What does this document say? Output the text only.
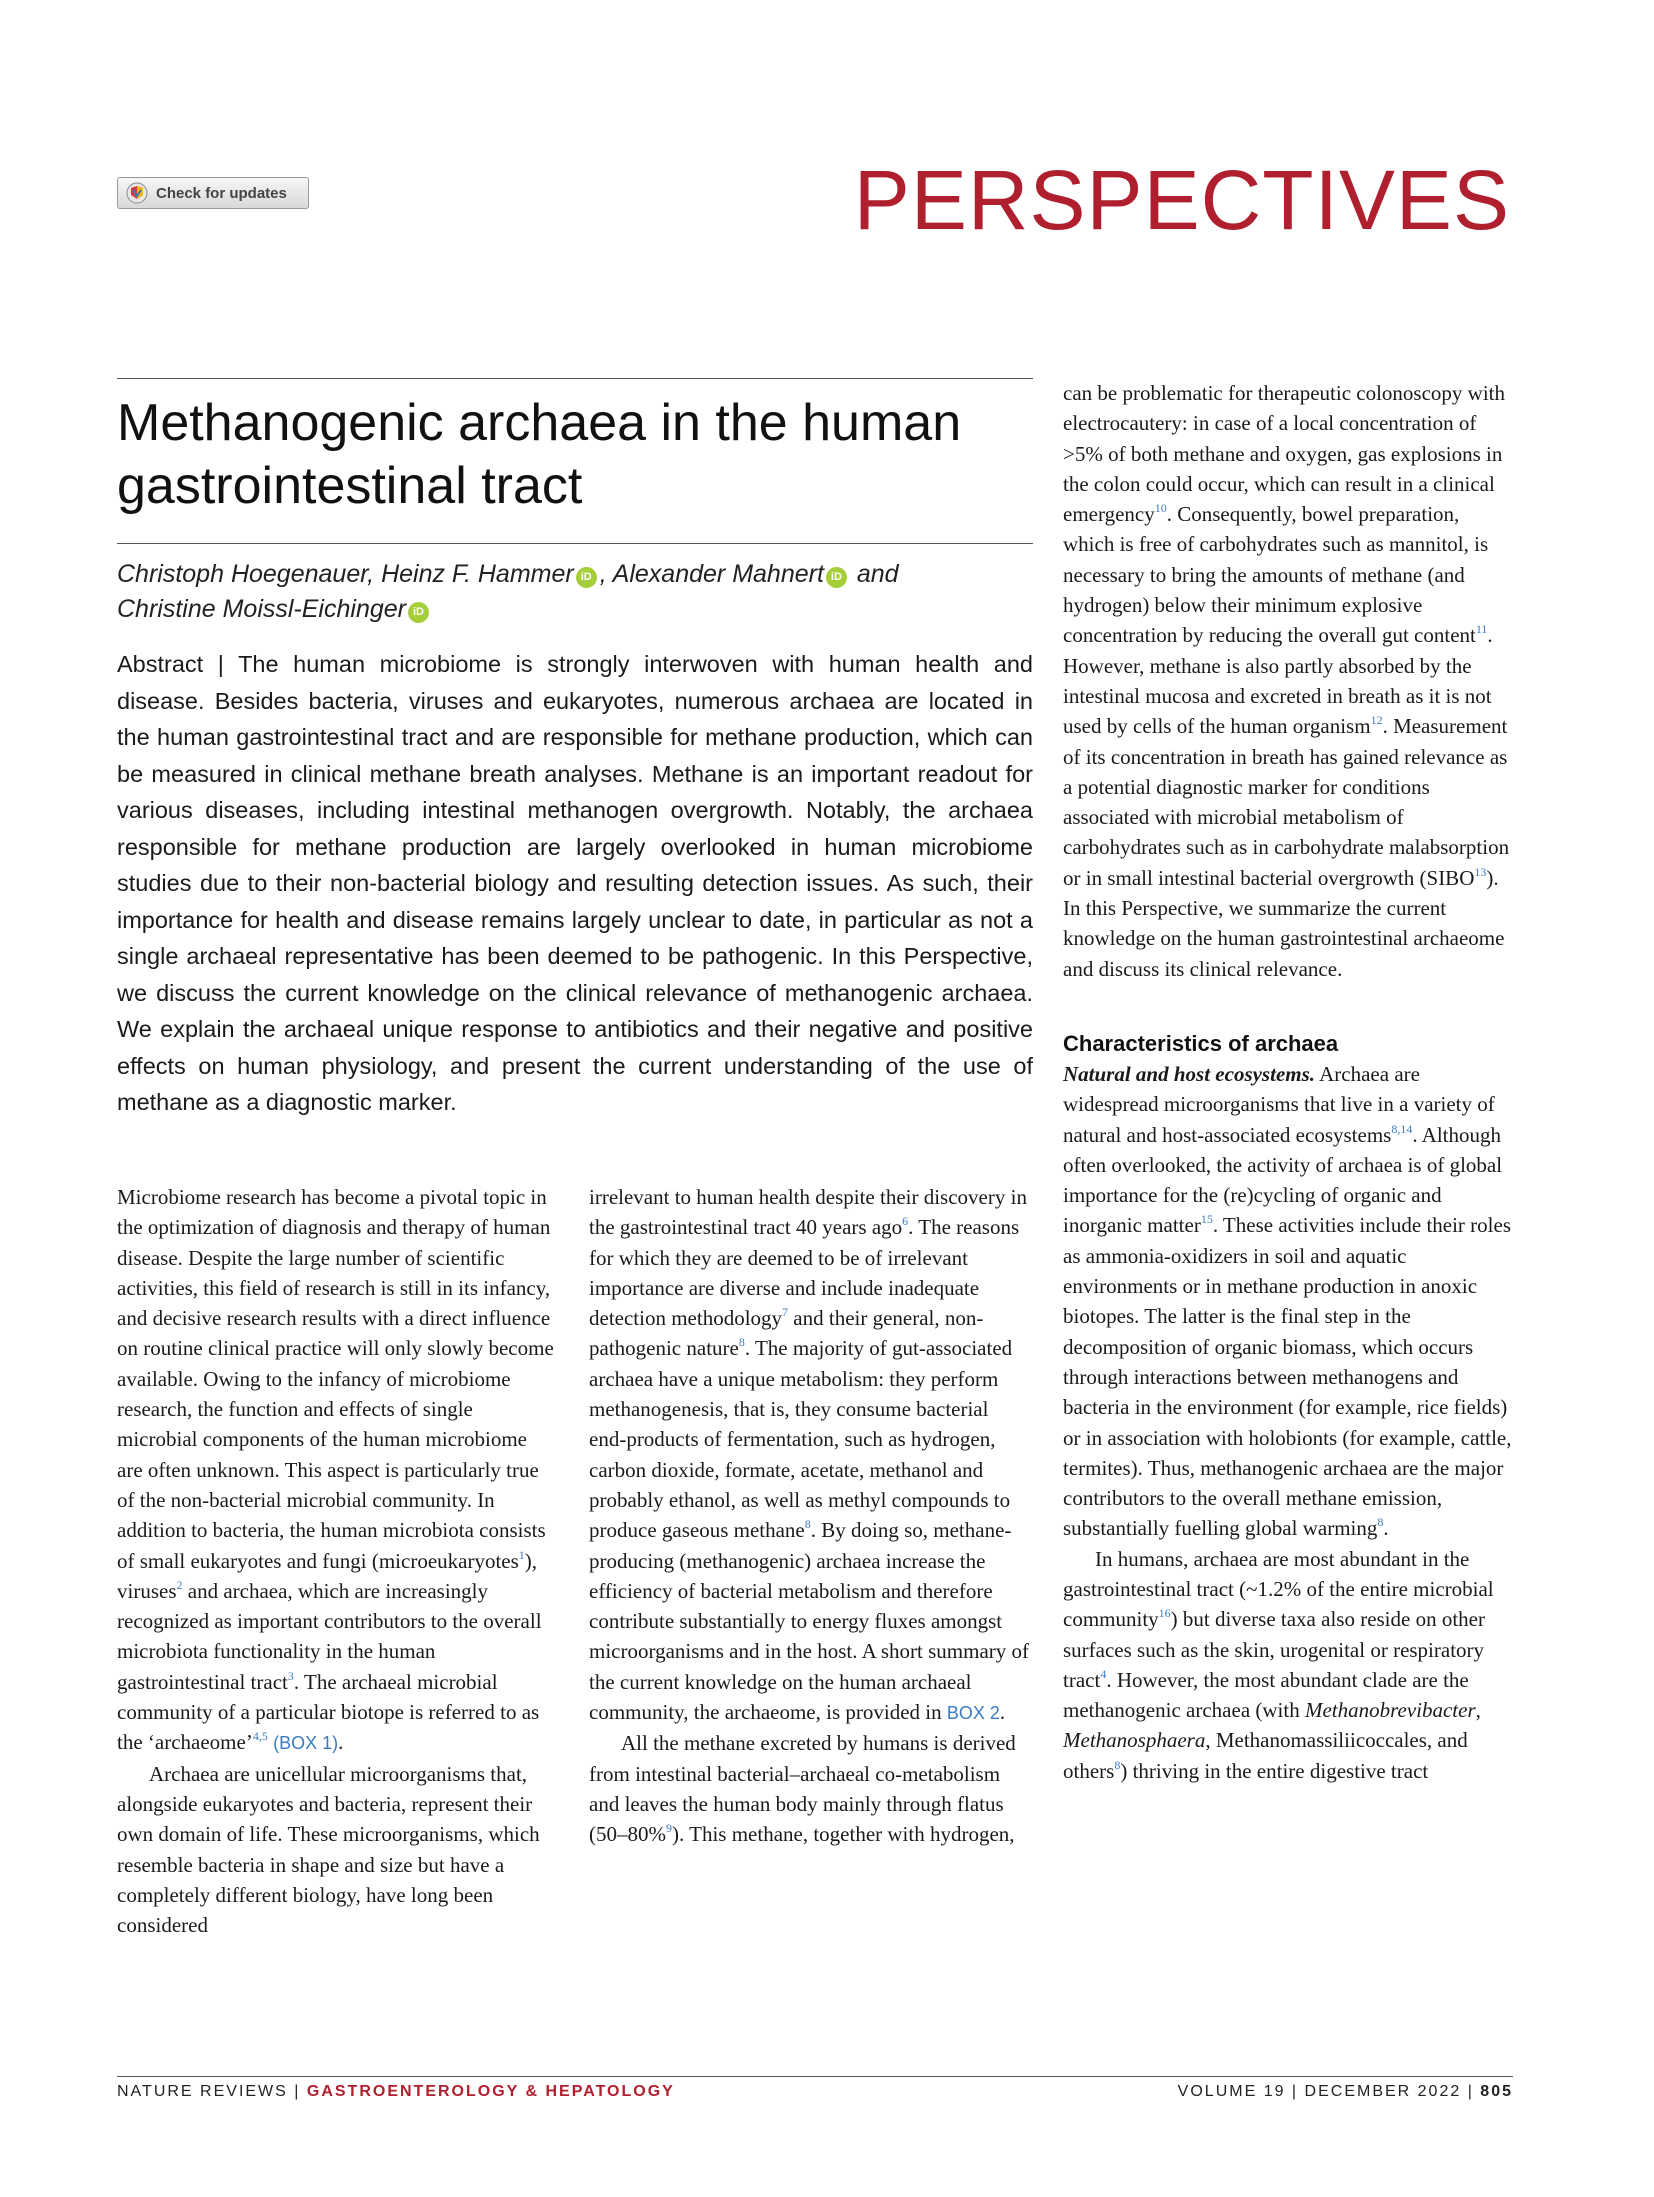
Check for updates	PERSPECTIVES
Methanogenic archaea in the human gastrointestinal tract
Christoph Hoegenauer, Heinz F. Hammer iD , Alexander Mahnert iD and
Christine Moissl-Eichinger iD

Abstract | The human microbiome is strongly interwoven with human health and disease. Besides bacteria, viruses and eukaryotes, numerous archaea are located in the human gastrointestinal tract and are responsible for methane production, which can be measured in clinical methane breath analyses. Methane is an important readout for various diseases, including intestinal methanogen overgrowth. Notably, the archaea responsible for methane production are largely overlooked in human microbiome studies due to their non-bacterial biology and resulting detection issues. As such, their importance for health and disease remains largely unclear to date, in particular as not a single archaeal representative has been deemed to be pathogenic. In this Perspective, we discuss the current knowledge on the clinical relevance of methanogenic archaea. We explain the archaeal unique response to antibiotics and their negative and positive effects on human physiology, and present the current understanding of the use of methane as a diagnostic marker.

Microbiome research has become a pivotal topic in the optimization of diagnosis and therapy of human disease. Despite the large number of scientific activities, this field of research is still in its infancy, and decisive research results with a direct influence on routine clinical practice will only slowly become available. Owing to the infancy of microbiome research, the function and effects of single microbial components of the human microbiome are often unknown. This aspect is particularly true of the non-bacterial microbial community. In addition to bacteria, the human microbiota consists of small eukaryotes and fungi (microeukaryotes$^1$), viruses$^2$ and archaea, which are increasingly recognized as important contributors to the overall microbiota functionality in the human gastrointestinal tract$^3$. The archaeal microbial community of a particular biotope is referred to as the ‘archaeome’$^{4,5}$ (BOX 1).

Archaea are unicellular microorganisms that, alongside eukaryotes and bacteria, represent their own domain of life. These microorganisms, which resemble bacteria in shape and size but have a completely different biology, have long been considered

irrelevant to human health despite their discovery in the gastrointestinal tract 40 years ago$^6$. The reasons for which they are deemed to be of irrelevant importance are diverse and include inadequate detection methodology$^7$ and their general, non-pathogenic nature$^8$. The majority of gut-associated archaea have a unique metabolism: they perform methanogenesis, that is, they consume bacterial end-products of fermentation, such as hydrogen, carbon dioxide, formate, acetate, methanol and probably ethanol, as well as methyl compounds to produce gaseous methane$^8$. By doing so, methane-producing (methanogenic) archaea increase the efficiency of bacterial metabolism and therefore contribute substantially to energy fluxes amongst microorganisms and in the host. A short summary of the current knowledge on the human archaeal community, the archaeome, is provided in BOX 2.

All the methane excreted by humans is derived from intestinal bacterial–archaeal co-metabolism and leaves the human body mainly through flatus (50–80%$^9$). This methane, together with hydrogen,

can be problematic for therapeutic colonoscopy with electrocautery: in case of a local concentration of >5% of both methane and oxygen, gas explosions in the colon could occur, which can result in a clinical emergency$^{10}$. Consequently, bowel preparation, which is free of carbohydrates such as mannitol, is necessary to bring the amounts of methane (and hydrogen) below their minimum explosive concentration by reducing the overall gut content$^{11}$. However, methane is also partly absorbed by the intestinal mucosa and excreted in breath as it is not used by cells of the human organism$^{12}$. Measurement of its concentration in breath has gained relevance as a potential diagnostic marker for conditions associated with microbial metabolism of carbohydrates such as in carbohydrate malabsorption or in small intestinal bacterial overgrowth (SIBO$^{13}$). In this Perspective, we summarize the current knowledge on the human gastrointestinal archaeome and discuss its clinical relevance.

Characteristics of archaea

Natural and host ecosystems. Archaea are widespread microorganisms that live in a variety of natural and host-associated ecosystems$^{8,14}$. Although often overlooked, the activity of archaea is of global importance for the (re)cycling of organic and inorganic matter$^{15}$. These activities include their roles as ammonia-oxidizers in soil and aquatic environments or in methane production in anoxic biotopes. The latter is the final step in the decomposition of organic biomass, which occurs through interactions between methanogens and bacteria in the environment (for example, rice fields) or in association with holobionts (for example, cattle, termites). Thus, methanogenic archaea are the major contributors to the overall methane emission, substantially fuelling global warming$^8$.

In humans, archaea are most abundant in the gastrointestinal tract (~1.2% of the entire microbial community$^{16}$) but diverse taxa also reside on other surfaces such as the skin, urogenital or respiratory tract$^4$. However, the most abundant clade are the methanogenic archaea (with Methanobrevibacter, Methanosphaera, Methanomassiliicoccales, and others$^8$) thriving in the entire digestive tract

NATURE REVIEWS | GASTROENTEROLOGY & HEPATOLOGY	VOLUME 19 | DECEMBER 2022 | 805
